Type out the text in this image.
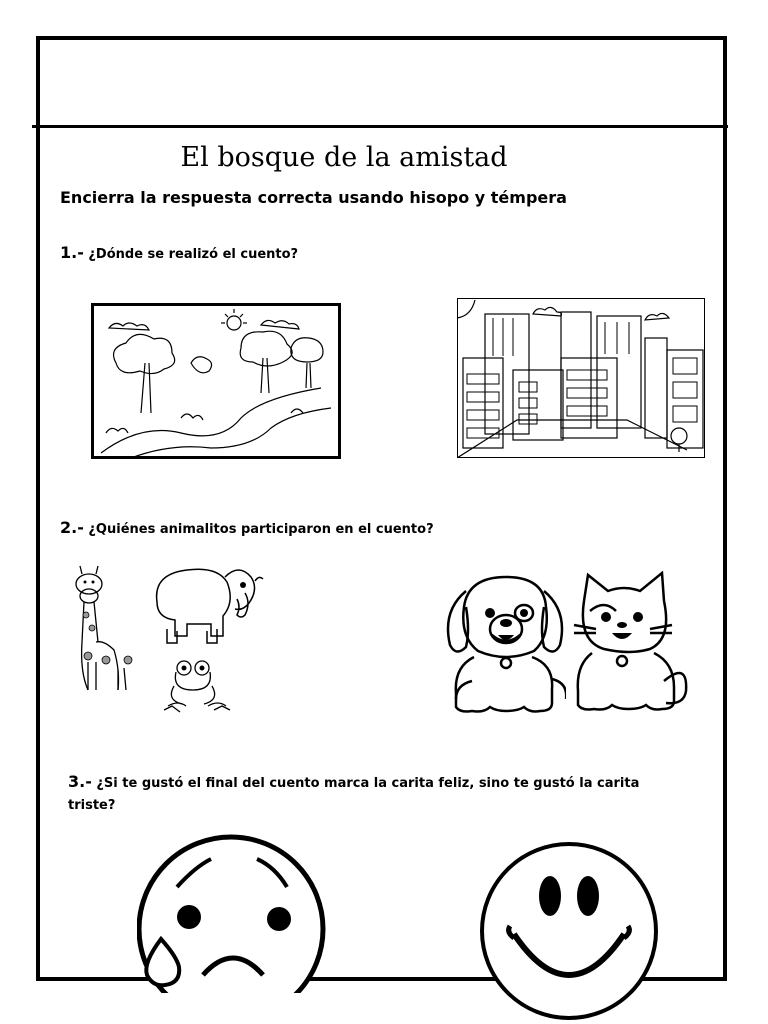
El bosque de la amistad
Encierra la respuesta correcta usando hisopo y témpera
1.- ¿Dónde se realizó el cuento?
2.- ¿Quiénes animalitos participaron en el cuento?
3.- ¿Si te gustó el final del cuento marca la carita feliz, sino te gustó la carita triste?
